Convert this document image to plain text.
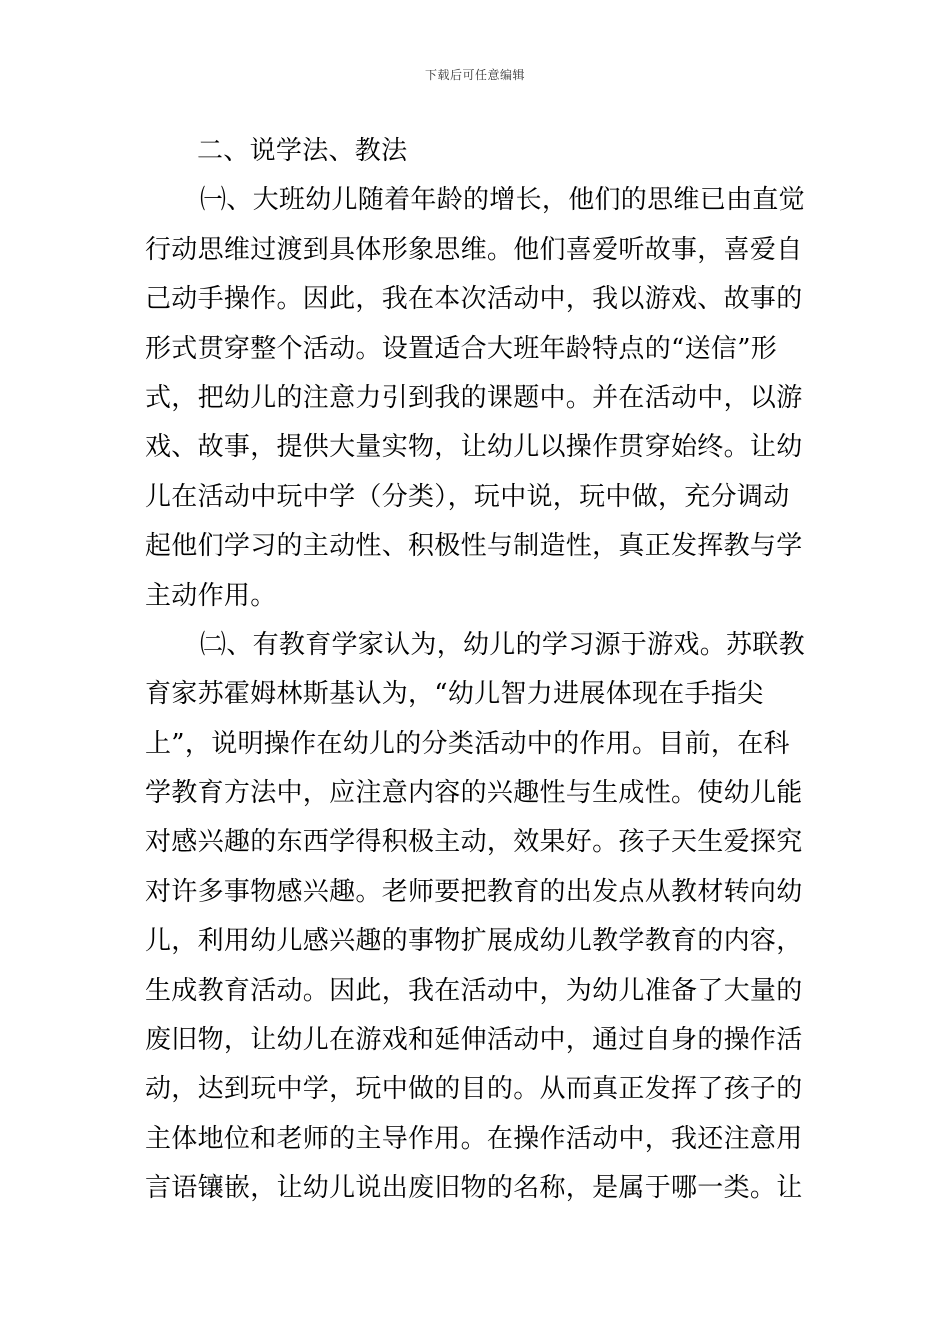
下载后可任意编辑
二、说学法、教法
㈠、大班幼儿随着年龄的增长，他们的思维已由直觉
行动思维过渡到具体形象思维。他们喜爱听故事，喜爱自
己动手操作。因此，我在本次活动中，我以游戏、故事的
形式贯穿整个活动。设置适合大班年龄特点的“送信”形
式，把幼儿的注意力引到我的课题中。并在活动中，以游
戏、故事，提供大量实物，让幼儿以操作贯穿始终。让幼
儿在活动中玩中学（分类），玩中说，玩中做，充分调动
起他们学习的主动性、积极性与制造性，真正发挥教与学
主动作用。
㈡、有教育学家认为，幼儿的学习源于游戏。苏联教
育家苏霍姆林斯基认为，“幼儿智力进展体现在手指尖
上”，说明操作在幼儿的分类活动中的作用。目前，在科
学教育方法中，应注意内容的兴趣性与生成性。使幼儿能
对感兴趣的东西学得积极主动，效果好。孩子天生爱探究
对许多事物感兴趣。老师要把教育的出发点从教材转向幼
儿，利用幼儿感兴趣的事物扩展成幼儿教学教育的内容，
生成教育活动。因此，我在活动中，为幼儿准备了大量的
废旧物，让幼儿在游戏和延伸活动中，通过自身的操作活
动，达到玩中学，玩中做的目的。从而真正发挥了孩子的
主体地位和老师的主导作用。在操作活动中，我还注意用
言语镶嵌，让幼儿说出废旧物的名称，是属于哪一类。让
